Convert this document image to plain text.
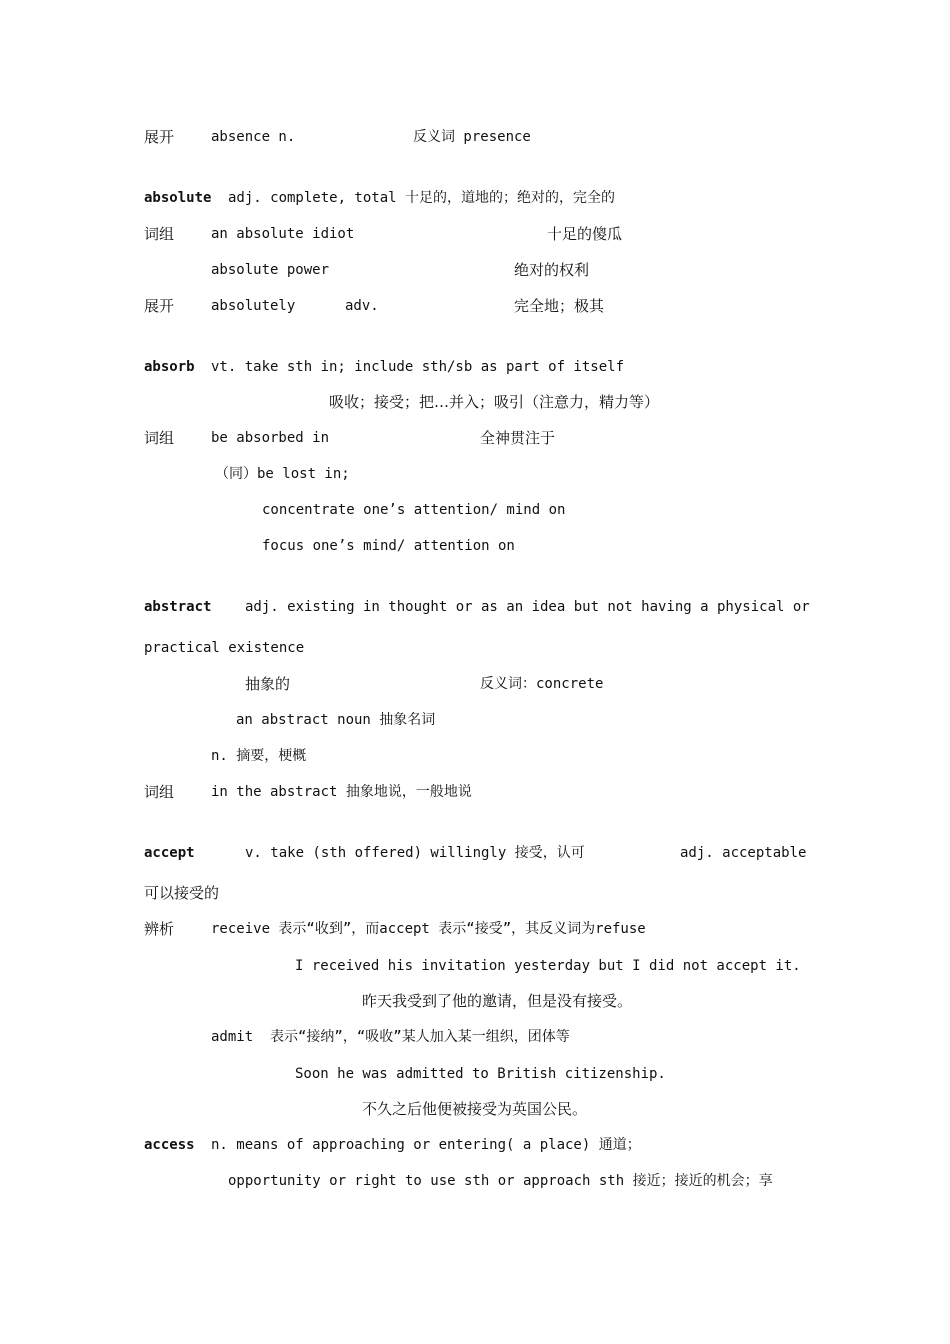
展开	absence n.	反义词 presence
absolute adj. complete, total 十足的，道地的；绝对的，完全的
词组	an absolute idiot	十足的傻瓜
absolute power	绝对的权利
展开	absolutely	adv.	完全地；极其
absorb vt. take sth in; include sth/sb as part of itself
吸收；接受；把…并入；吸引（注意力，精力等）
词组	be absorbed in	全神贯注于
（同）be lost in;
concentrate one’s attention/ mind on
focus one’s mind/ attention on
abstract adj. existing in thought or as an idea but not having a physical or
practical existence
抽象的	反义词：concrete
an abstract noun 抽象名词
n. 摘要，梗概
词组	in the abstract 抽象地说，一般地说
accept	v. take (sth offered) willingly 接受，认可	adj. acceptable
可以接受的
辨析	receive 表示“收到”，而accept 表示“接受”，其反义词为refuse
I received his invitation yesterday but I did not accept it.
昨天我受到了他的邀请，但是没有接受。
admit  表示“接纳”，“吸收”某人加入某一组织，团体等
Soon he was admitted to British citizenship.
不久之后他便被接受为英国公民。
access n. means of approaching or entering( a place) 通道；
opportunity or right to use sth or approach sth 接近；接近的机会；享
